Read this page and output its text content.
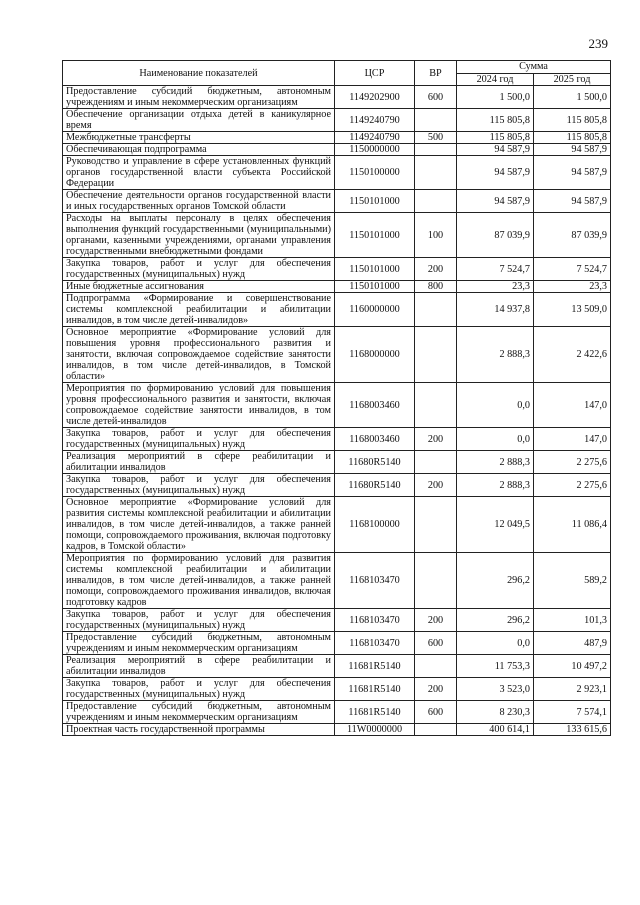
239
Наименование показателей	ЦСР	ВР	Сумма	
			2024 год	2025 год
Предоставление субсидий бюджетным, автономным учреждениям и иным некоммерческим организациям	1149202900	600	1 500,0	1 500,0
Обеспечение организации отдыха детей в каникулярное время	1149240790		115 805,8	115 805,8
Межбюджетные трансферты	1149240790	500	115 805,8	115 805,8
Обеспечивающая подпрограмма	1150000000		94 587,9	94 587,9
Руководство и управление в сфере установленных функций органов государственной власти субъекта Российской Федерации	1150100000		94 587,9	94 587,9
Обеспечение деятельности органов государственной власти и иных государственных органов Томской области	1150101000		94 587,9	94 587,9
Расходы на выплаты персоналу в целях обеспечения выполнения функций государственными (муниципальными) органами, казенными учреждениями, органами управления государственными внебюджетными фондами	1150101000	100	87 039,9	87 039,9
Закупка товаров, работ и услуг для обеспечения государственных (муниципальных) нужд	1150101000	200	7 524,7	7 524,7
Иные бюджетные ассигнования	1150101000	800	23,3	23,3
Подпрограмма «Формирование и совершенствование системы комплексной реабилитации и абилитации инвалидов, в том числе детей-инвалидов»	1160000000		14 937,8	13 509,0
Основное мероприятие «Формирование условий для повышения уровня профессионального развития и занятости, включая сопровождаемое содействие занятости инвалидов, в том числе детей-инвалидов, в Томской области»	1168000000		2 888,3	2 422,6
Мероприятия по формированию условий для повышения уровня профессионального развития и занятости, включая сопровождаемое содействие занятости инвалидов, в том числе детей-инвалидов	1168003460		0,0	147,0
Закупка товаров, работ и услуг для обеспечения государственных (муниципальных) нужд	1168003460	200	0,0	147,0
Реализация мероприятий в сфере реабилитации и абилитации инвалидов	11680R5140		2 888,3	2 275,6
Закупка товаров, работ и услуг для обеспечения государственных (муниципальных) нужд	11680R5140	200	2 888,3	2 275,6
Основное мероприятие «Формирование условий для развития системы комплексной реабилитации и абилитации инвалидов, в том числе детей-инвалидов, а также ранней помощи, сопровождаемого проживания, включая подготовку кадров, в Томской области»	1168100000		12 049,5	11 086,4
Мероприятия по формированию условий для развития системы комплексной реабилитации и абилитации инвалидов, в том числе детей-инвалидов, а также ранней помощи, сопровождаемого проживания инвалидов, включая подготовку кадров	1168103470		296,2	589,2
Закупка товаров, работ и услуг для обеспечения государственных (муниципальных) нужд	1168103470	200	296,2	101,3
Предоставление субсидий бюджетным, автономным учреждениям и иным некоммерческим организациям	1168103470	600	0,0	487,9
Реализация мероприятий в сфере реабилитации и абилитации инвалидов	11681R5140		11 753,3	10 497,2
Закупка товаров, работ и услуг для обеспечения государственных (муниципальных) нужд	11681R5140	200	3 523,0	2 923,1
Предоставление субсидий бюджетным, автономным учреждениям и иным некоммерческим организациям	11681R5140	600	8 230,3	7 574,1
Проектная часть государственной программы	11W0000000		400 614,1	133 615,6
